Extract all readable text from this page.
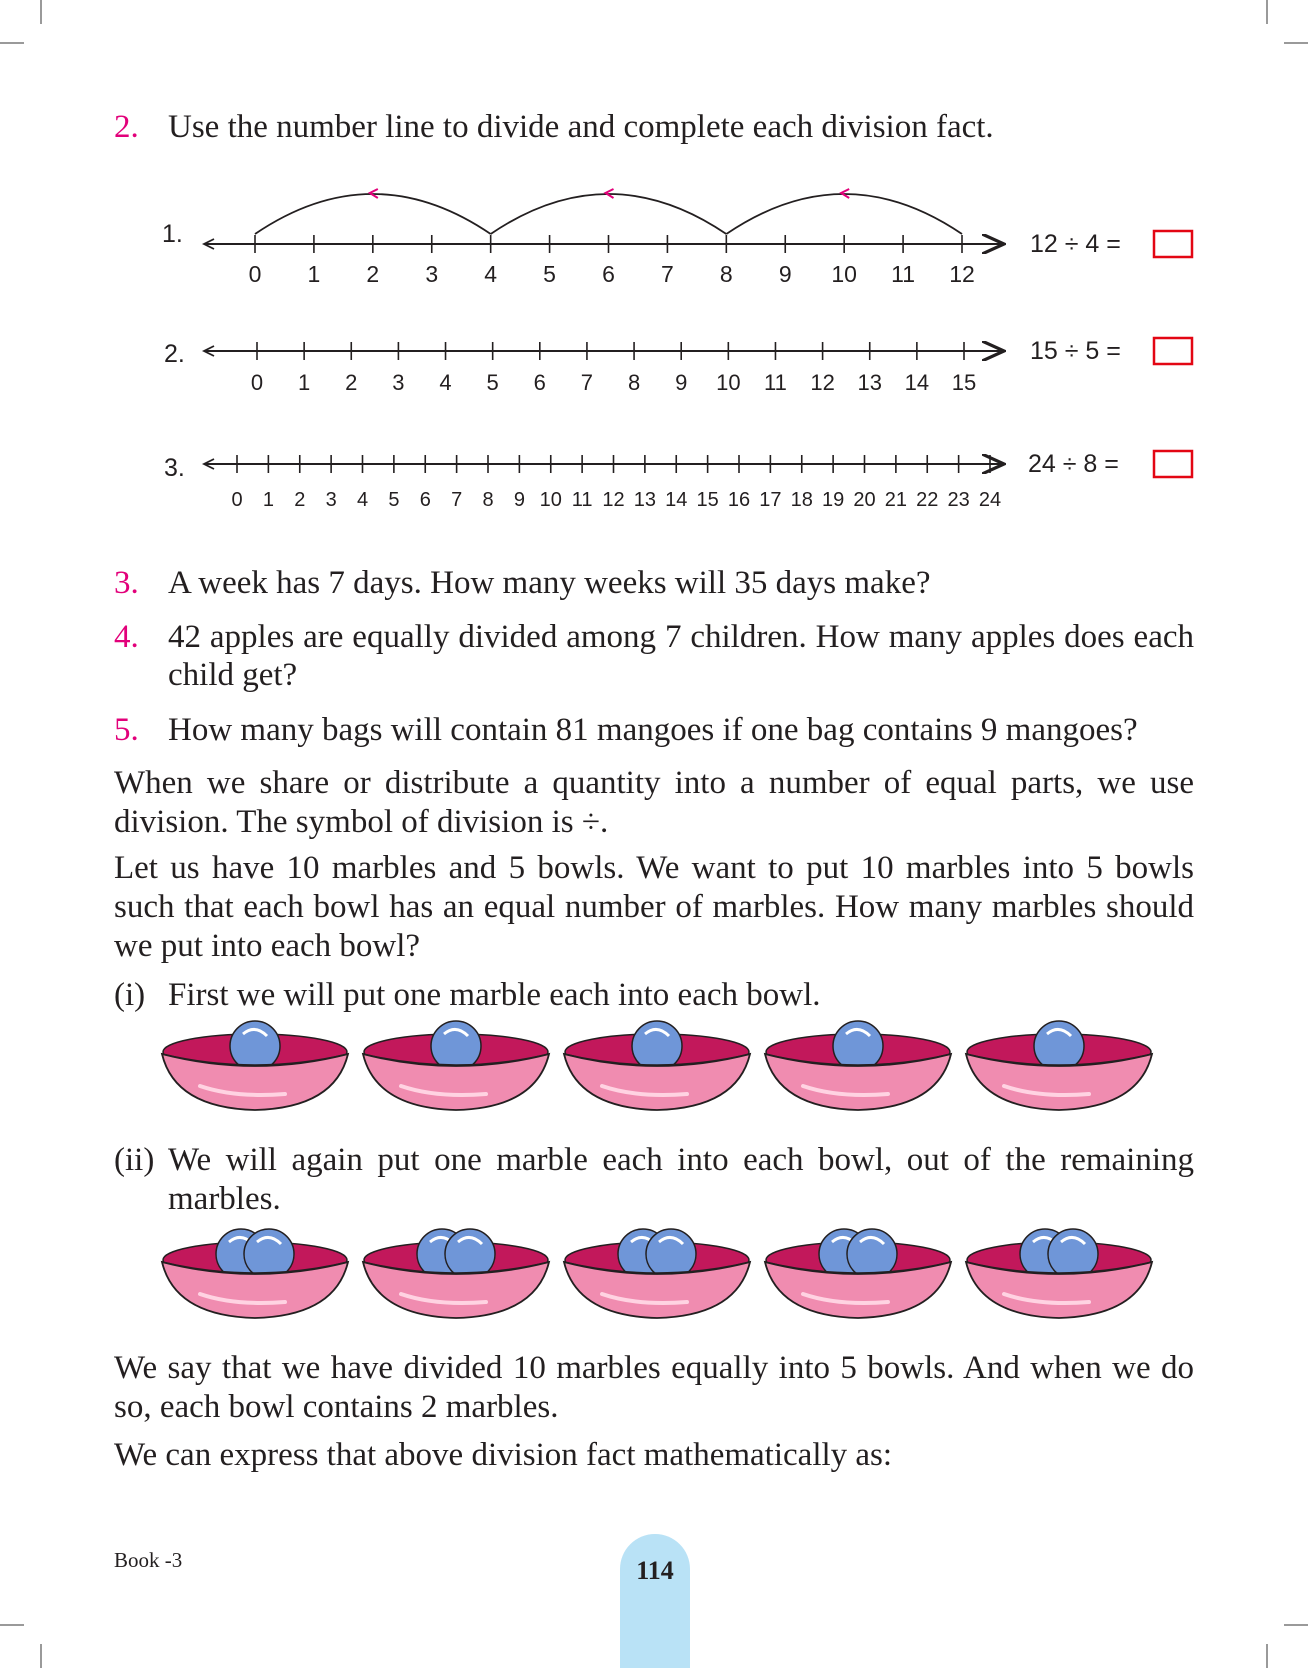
2. Use the number line to divide and complete each division fact.
0 1 2 3 4 5 6 7 8 9 10 11 12
1.	12 ÷ 4 =
0 1 2 3 4 5 6 7 8 9 10 11 12 13 14 15
2.	15 ÷ 5 =
0 1 2 3 4 5 6 7 8 9 10 11 12 13 14 15 16 17 18 19 20 21 22 23 24
3.	24 ÷ 8 =
3. A week has 7 days. How many weeks will 35 days make?
4. 42 apples are equally divided among 7 children. How many apples does each child get?
5. How many bags will contain 81 mangoes if one bag contains 9 mangoes?
When we share or distribute a quantity into a number of equal parts, we use division. The symbol of division is ÷.
Let us have 10 marbles and 5 bowls. We want to put 10 marbles into 5 bowls such that each bowl has an equal number of marbles. How many marbles should we put into each bowl?
(i) First we will put one marble each into each bowl.
(ii) We will again put one marble each into each bowl, out of the remaining marbles.
We say that we have divided 10 marbles equally into 5 bowls. And when we do so, each bowl contains 2 marbles.
We can express that above division fact mathematically as:
Book -3	114
